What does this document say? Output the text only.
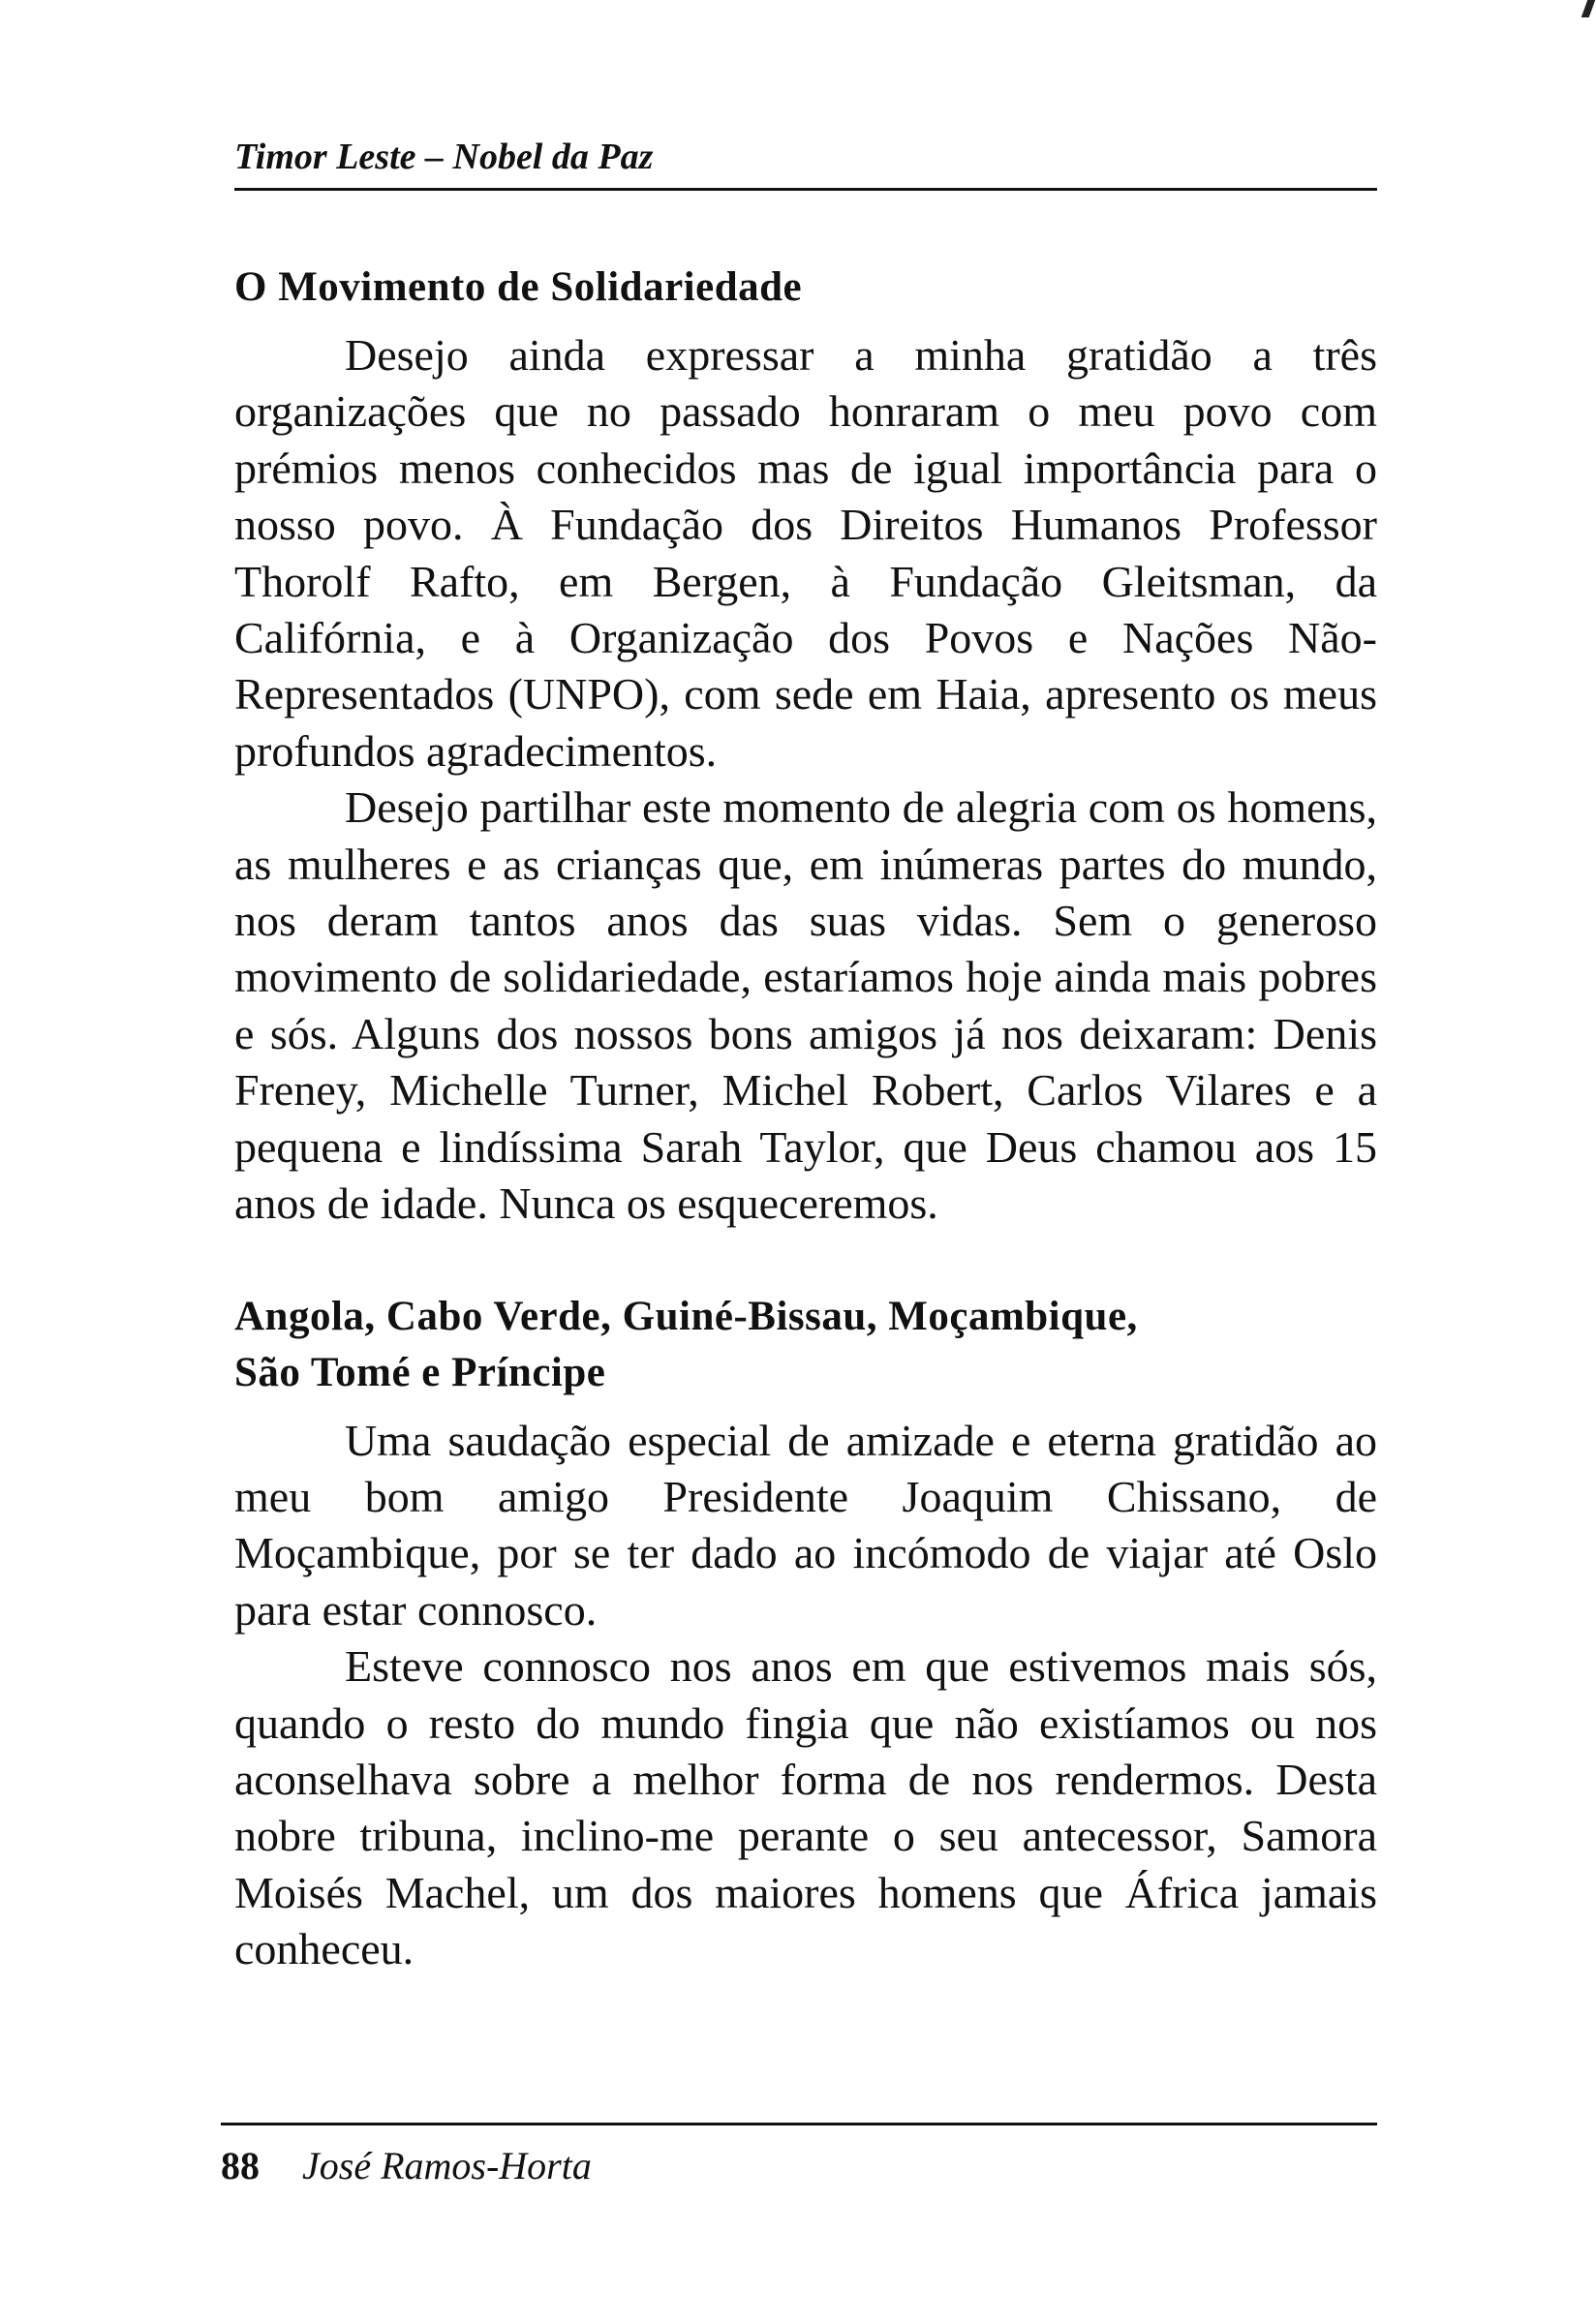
Timor Leste – Nobel da Paz
O Movimento de Solidariedade

Desejo ainda expressar a minha gratidão a três organizações que no passado honraram o meu povo com prémios menos conhecidos mas de igual importância para o nosso povo. À Fundação dos Direitos Humanos Professor Thorolf Rafto, em Bergen, à Fundação Gleitsman, da Califórnia, e à Organização dos Povos e Nações Não-Representados (UNPO), com sede em Haia, apresento os meus profundos agradecimentos.

Desejo partilhar este momento de alegria com os homens, as mulheres e as crianças que, em inúmeras partes do mundo, nos deram tantos anos das suas vidas. Sem o generoso movimento de solidariedade, estaríamos hoje ainda mais pobres e sós. Alguns dos nossos bons amigos já nos deixaram: Denis Freney, Michelle Turner, Michel Robert, Carlos Vilares e a pequena e lindíssima Sarah Taylor, que Deus chamou aos 15 anos de idade. Nunca os esqueceremos.

Angola, Cabo Verde, Guiné-Bissau, Moçambique,
São Tomé e Príncipe

Uma saudação especial de amizade e eterna gratidão ao meu bom amigo Presidente Joaquim Chissano, de Moçambique, por se ter dado ao incómodo de viajar até Oslo para estar connosco.

Esteve connosco nos anos em que estivemos mais sós, quando o resto do mundo fingia que não existíamos ou nos aconselhava sobre a melhor forma de nos rendermos. Desta nobre tribuna, inclino-me perante o seu antecessor, Samora Moisés Machel, um dos maiores homens que África jamais conheceu.

88 José Ramos-Horta
